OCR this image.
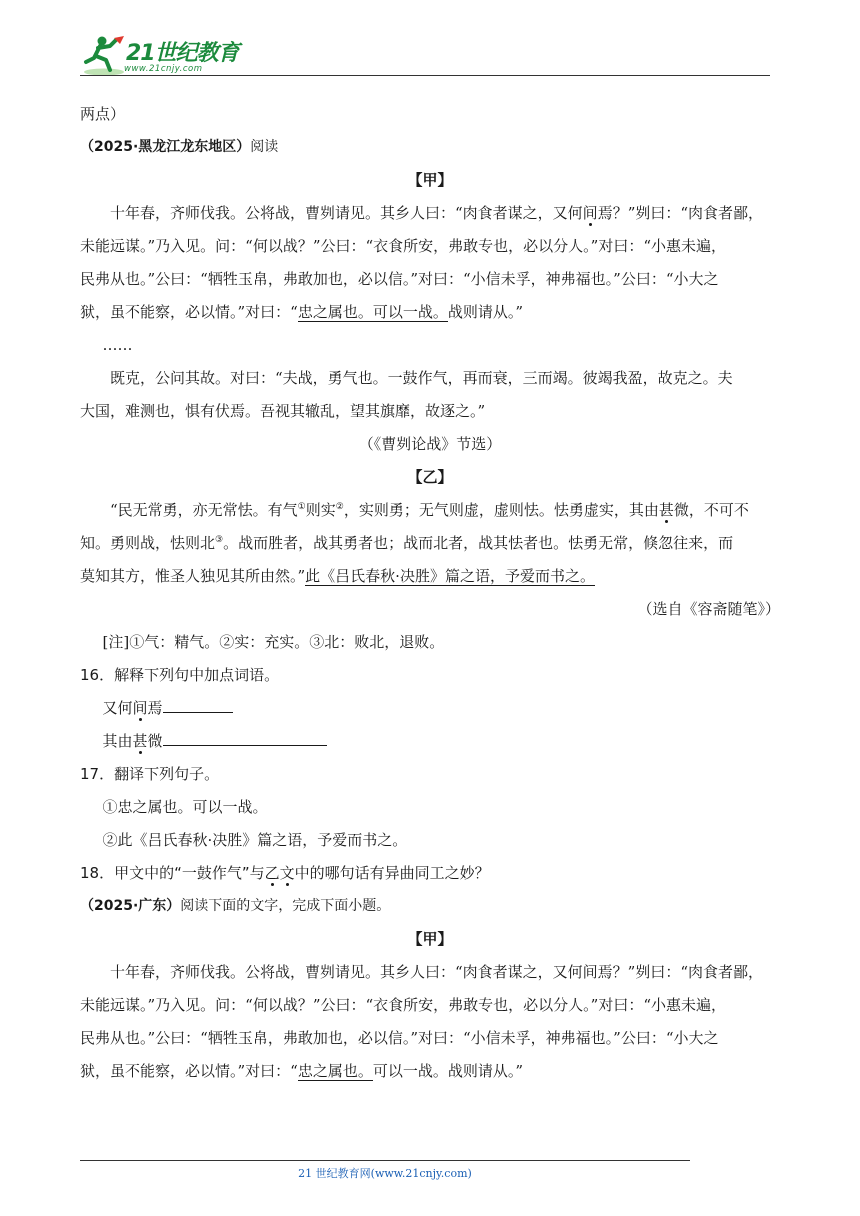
21世纪教育
www.21cnjy.com
两点）
（2025·黑龙江龙东地区）阅读
【甲】
十年春，齐师伐我。公将战，曹刿请见。其乡人曰：“肉食者谋之，又何间焉？”刿曰：“肉食者鄙，
未能远谋。”乃入见。问：“何以战？”公曰：“衣食所安，弗敢专也，必以分人。”对曰：“小惠未遍，
民弗从也。”公曰：“牺牲玉帛，弗敢加也，必以信。”对曰：“小信未孚，神弗福也。”公曰：“小大之
狱，虽不能察，必以情。”对曰：“忠之属也。可以一战。战则请从。”
……
既克，公问其故。对曰：“夫战，勇气也。一鼓作气，再而衰，三而竭。彼竭我盈，故克之。夫
大国，难测也，惧有伏焉。吾视其辙乱，望其旗靡，故逐之。”
（《曹刿论战》节选）
【乙】
“民无常勇，亦无常怯。有气①则实②，实则勇；无气则虚，虚则怯。怯勇虚实，其由甚微，不可不
知。勇则战，怯则北③。战而胜者，战其勇者也；战而北者，战其怯者也。怯勇无常，倏忽往来，而
莫知其方，惟圣人独见其所由然。”此《吕氏春秋·决胜》篇之语，予爱而书之。
（选自《容斋随笔》）
[注]①气：精气。②实：充实。③北：败北，退败。
16．解释下列句中加点词语。
又何间焉
其由甚微
17．翻译下列句子。
①忠之属也。可以一战。
②此《吕氏春秋·决胜》篇之语，予爱而书之。
18．甲文中的“一鼓作气”与乙文中的哪句话有异曲同工之妙？
（2025·广东）阅读下面的文字，完成下面小题。
【甲】
十年春，齐师伐我。公将战，曹刿请见。其乡人曰：“肉食者谋之，又何间焉？”刿曰：“肉食者鄙，
未能远谋。”乃入见。问：“何以战？”公曰：“衣食所安，弗敢专也，必以分人。”对曰：“小惠未遍，
民弗从也。”公曰：“牺牲玉帛，弗敢加也，必以信。”对曰：“小信未孚，神弗福也。”公曰：“小大之
狱，虽不能察，必以情。”对曰：“忠之属也。可以一战。战则请从。”
21 世纪教育网(www.21cnjy.com)
